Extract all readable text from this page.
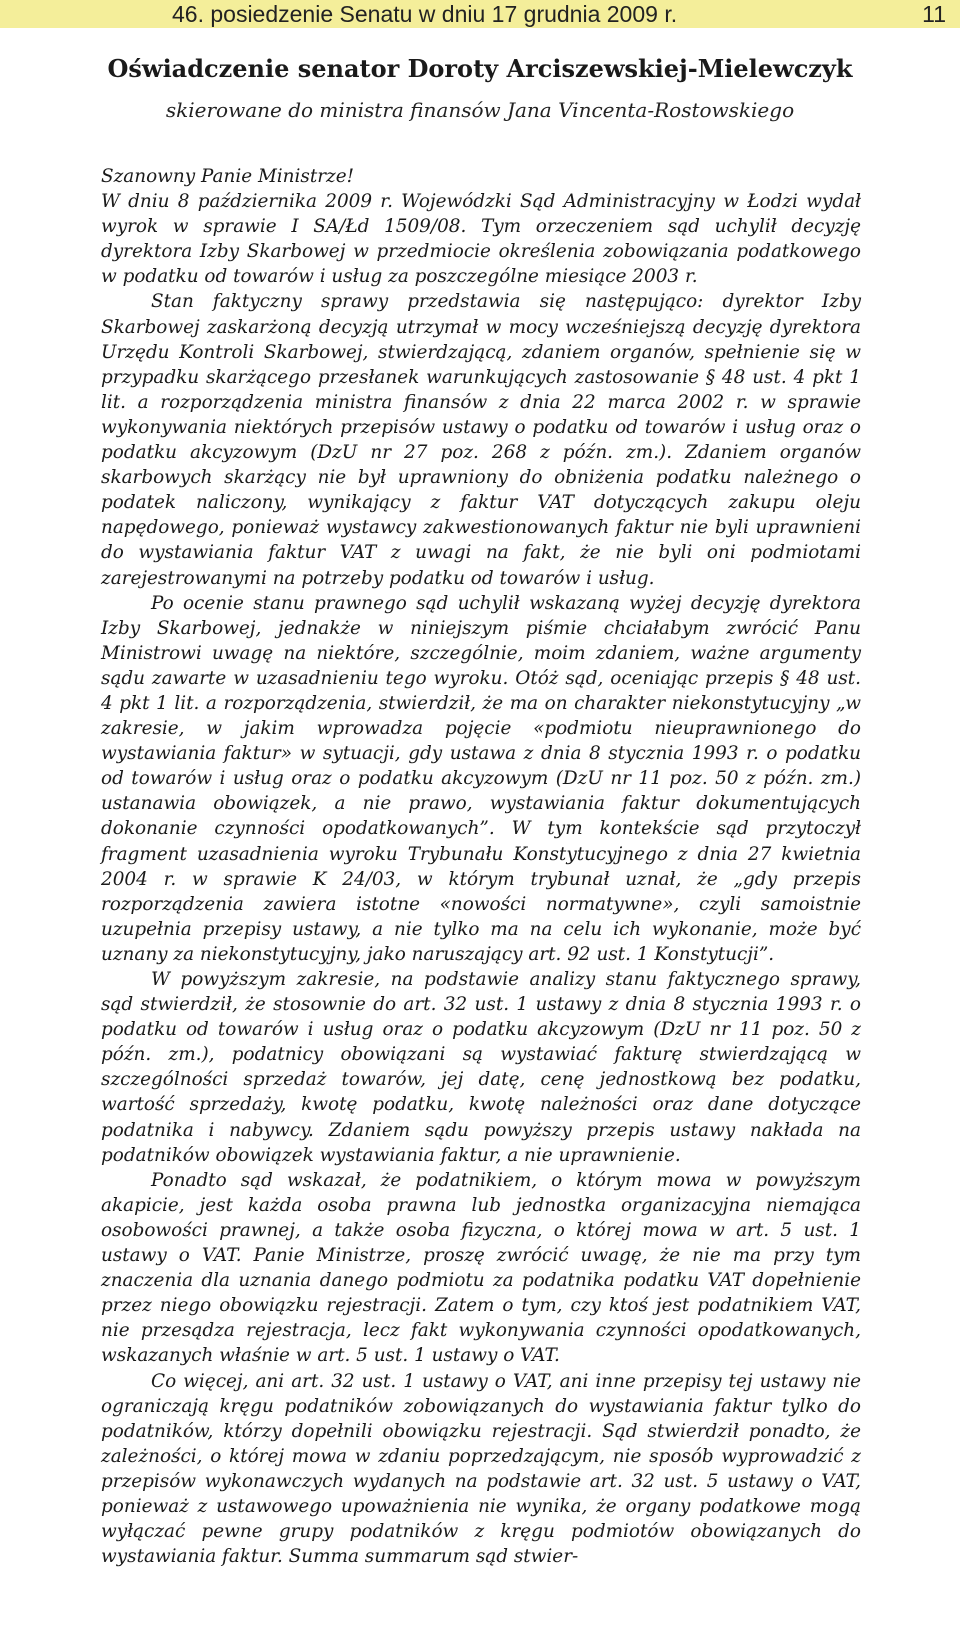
46. posiedzenie Senatu w dniu 17 grudnia 2009 r.	11
Oświadczenie senator Doroty Arciszewskiej-Mielewczyk
skierowane do ministra finansów Jana Vincenta-Rostowskiego

Szanowny Panie Ministrze!

W dniu 8 października 2009 r. Wojewódzki Sąd Administracyjny w Łodzi wydał wyrok w sprawie I SA/Łd 1509/08. Tym orzeczeniem sąd uchylił decyzję dyrektora Izby Skarbowej w przedmiocie określenia zobowiązania podatkowego w podatku od towarów i usług za poszczególne miesiące 2003 r.

Stan faktyczny sprawy przedstawia się następująco: dyrektor Izby Skarbowej zaskarżoną decyzją utrzymał w mocy wcześniejszą decyzję dyrektora Urzędu Kontroli Skarbowej, stwierdzającą, zdaniem organów, spełnienie się w przypadku skarżącego przesłanek warunkujących zastosowanie § 48 ust. 4 pkt 1 lit. a rozporządzenia ministra finansów z dnia 22 marca 2002 r. w sprawie wykonywania niektórych przepisów ustawy o podatku od towarów i usług oraz o podatku akcyzowym (DzU nr 27 poz. 268 z późn. zm.). Zdaniem organów skarbowych skarżący nie był uprawniony do obniżenia podatku należnego o podatek naliczony, wynikający z faktur VAT dotyczących zakupu oleju napędowego, ponieważ wystawcy zakwestionowanych faktur nie byli uprawnieni do wystawiania faktur VAT z uwagi na fakt, że nie byli oni podmiotami zarejestrowanymi na potrzeby podatku od towarów i usług.

Po ocenie stanu prawnego sąd uchylił wskazaną wyżej decyzję dyrektora Izby Skarbowej, jednakże w niniejszym piśmie chciałabym zwrócić Panu Ministrowi uwagę na niektóre, szczególnie, moim zdaniem, ważne argumenty sądu zawarte w uzasadnieniu tego wyroku. Otóż sąd, oceniając przepis § 48 ust. 4 pkt 1 lit. a rozporządzenia, stwierdził, że ma on charakter niekonstytucyjny „w zakresie, w jakim wprowadza pojęcie «podmiotu nieuprawnionego do wystawiania faktur» w sytuacji, gdy ustawa z dnia 8 stycznia 1993 r. o podatku od towarów i usług oraz o podatku akcyzowym (DzU nr 11 poz. 50 z późn. zm.) ustanawia obowiązek, a nie prawo, wystawiania faktur dokumentujących dokonanie czynności opodatkowanych”. W tym kontekście sąd przytoczył fragment uzasadnienia wyroku Trybunału Konstytucyjnego z dnia 27 kwietnia 2004 r. w sprawie K 24/03, w którym trybunał uznał, że „gdy przepis rozporządzenia zawiera istotne «nowości normatywne», czyli samoistnie uzupełnia przepisy ustawy, a nie tylko ma na celu ich wykonanie, może być uznany za niekonstytucyjny, jako naruszający art. 92 ust. 1 Konstytucji”.

W powyższym zakresie, na podstawie analizy stanu faktycznego sprawy, sąd stwierdził, że stosownie do art. 32 ust. 1 ustawy z dnia 8 stycznia 1993 r. o podatku od towarów i usług oraz o podatku akcyzowym (DzU nr 11 poz. 50 z późn. zm.), podatnicy obowiązani są wystawiać fakturę stwierdzającą w szczególności sprzedaż towarów, jej datę, cenę jednostkową bez podatku, wartość sprzedaży, kwotę podatku, kwotę należności oraz dane dotyczące podatnika i nabywcy. Zdaniem sądu powyższy przepis ustawy nakłada na podatników obowiązek wystawiania faktur, a nie uprawnienie.

Ponadto sąd wskazał, że podatnikiem, o którym mowa w powyższym akapicie, jest każda osoba prawna lub jednostka organizacyjna niemająca osobowości prawnej, a także osoba fizyczna, o której mowa w art. 5 ust. 1 ustawy o VAT. Panie Ministrze, proszę zwrócić uwagę, że nie ma przy tym znaczenia dla uznania danego podmiotu za podatnika podatku VAT dopełnienie przez niego obowiązku rejestracji. Zatem o tym, czy ktoś jest podatnikiem VAT, nie przesądza rejestracja, lecz fakt wykonywania czynności opodatkowanych, wskazanych właśnie w art. 5 ust. 1 ustawy o VAT.

Co więcej, ani art. 32 ust. 1 ustawy o VAT, ani inne przepisy tej ustawy nie ograniczają kręgu podatników zobowiązanych do wystawiania faktur tylko do podatników, którzy dopełnili obowiązku rejestracji. Sąd stwierdził ponadto, że zależności, o której mowa w zdaniu poprzedzającym, nie sposób wyprowadzić z przepisów wykonawczych wydanych na podstawie art. 32 ust. 5 ustawy o VAT, ponieważ z ustawowego upoważnienia nie wynika, że organy podatkowe mogą wyłączać pewne grupy podatników z kręgu podmiotów obowiązanych do wystawiania faktur. Summa summarum sąd stwier-
